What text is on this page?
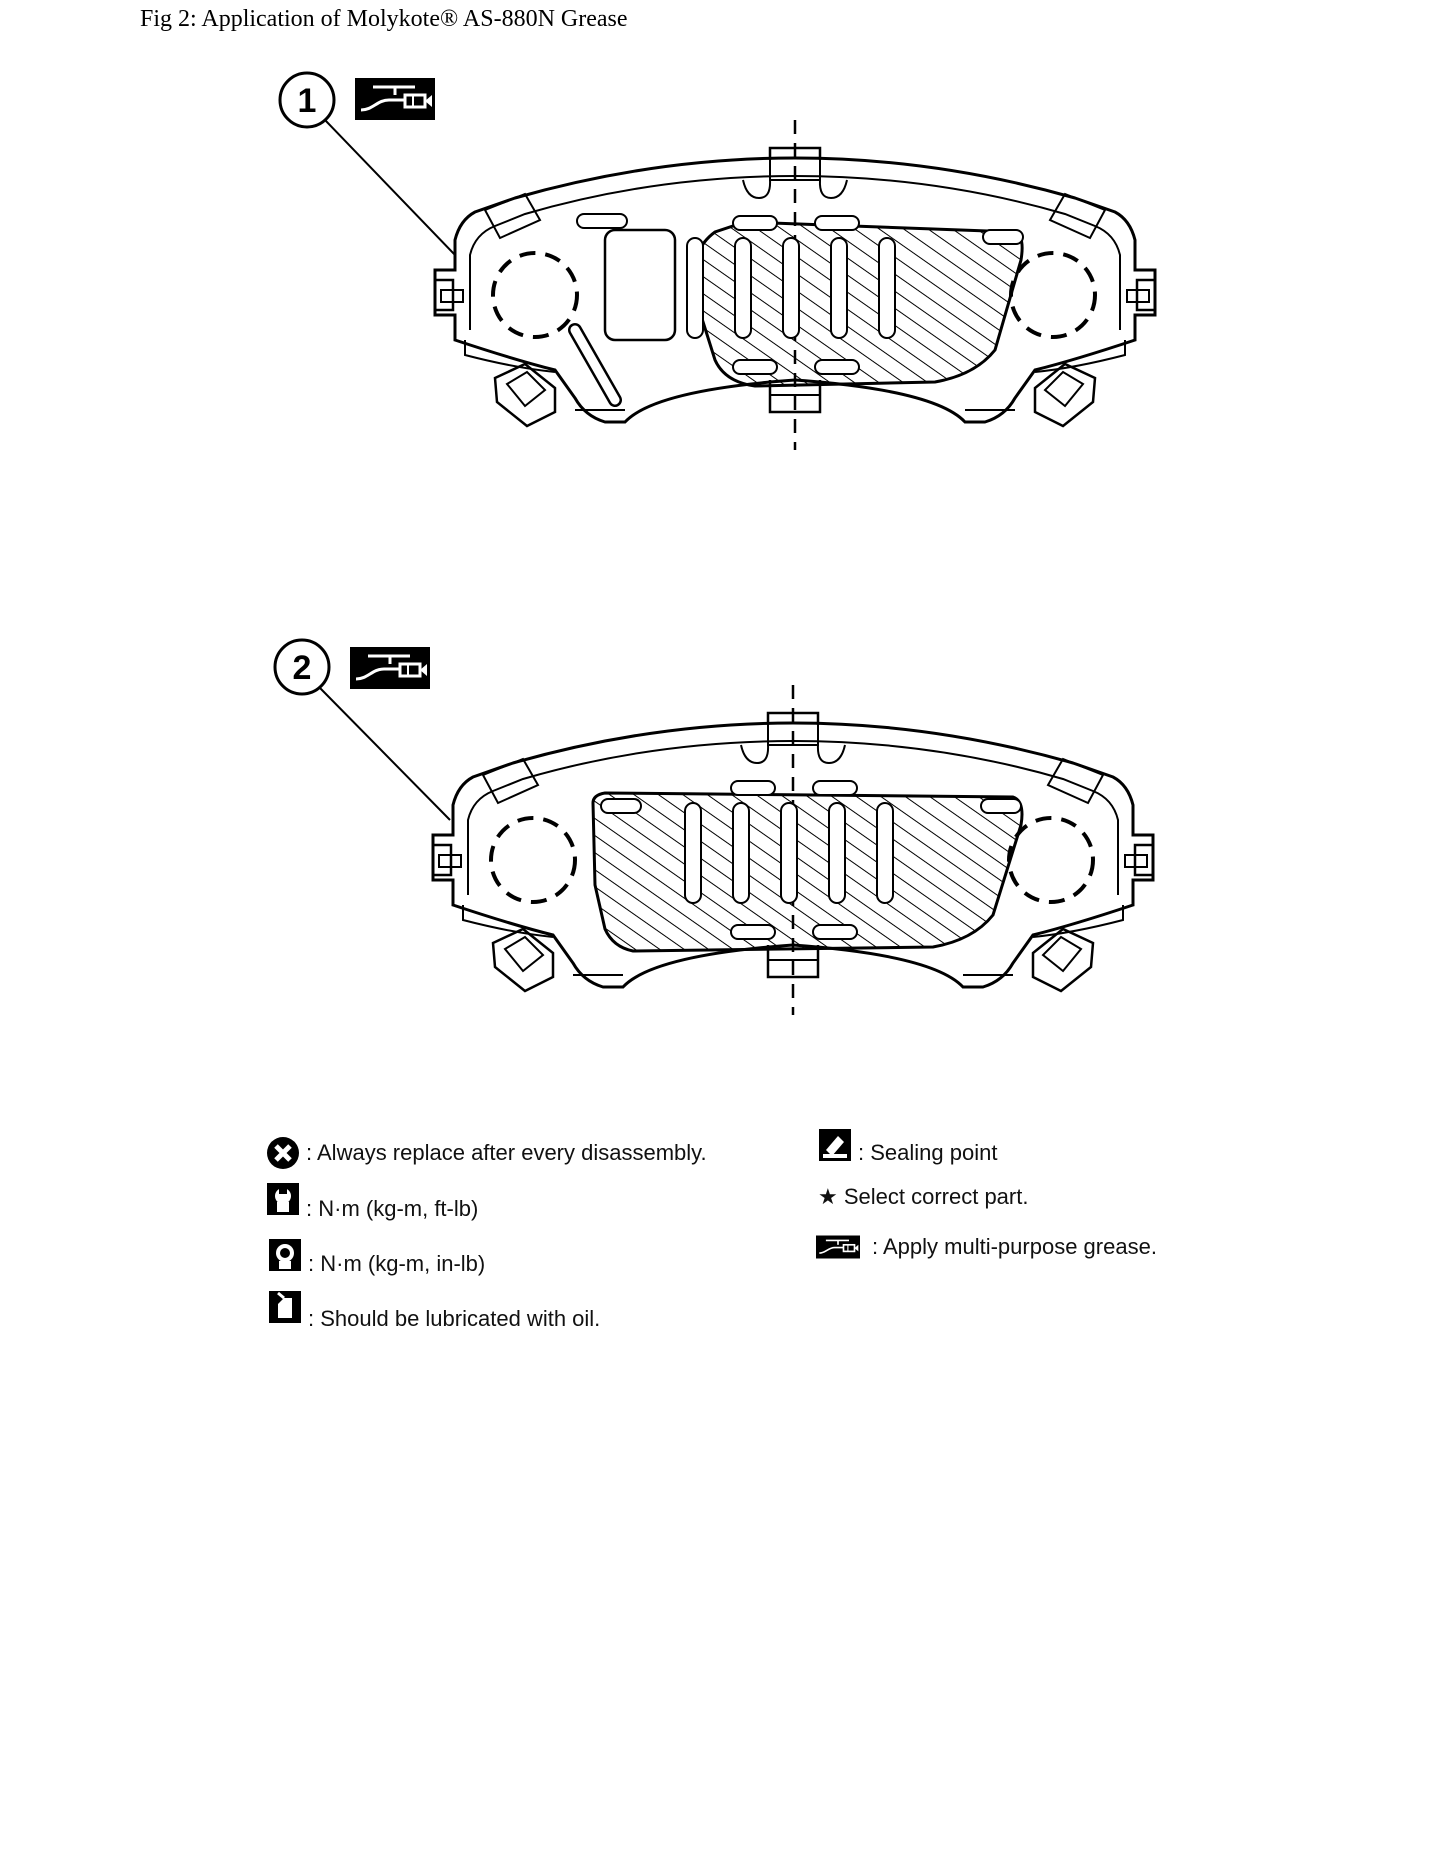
Fig 2: Application of Molykote® AS-880N Grease
1
2
: Always replace after every disassembly.
: N·m (kg-m, ft-lb)
: N·m (kg-m, in-lb)
: Should be lubricated with oil.
: Sealing point
★ Select correct part.
: Apply multi-purpose grease.
